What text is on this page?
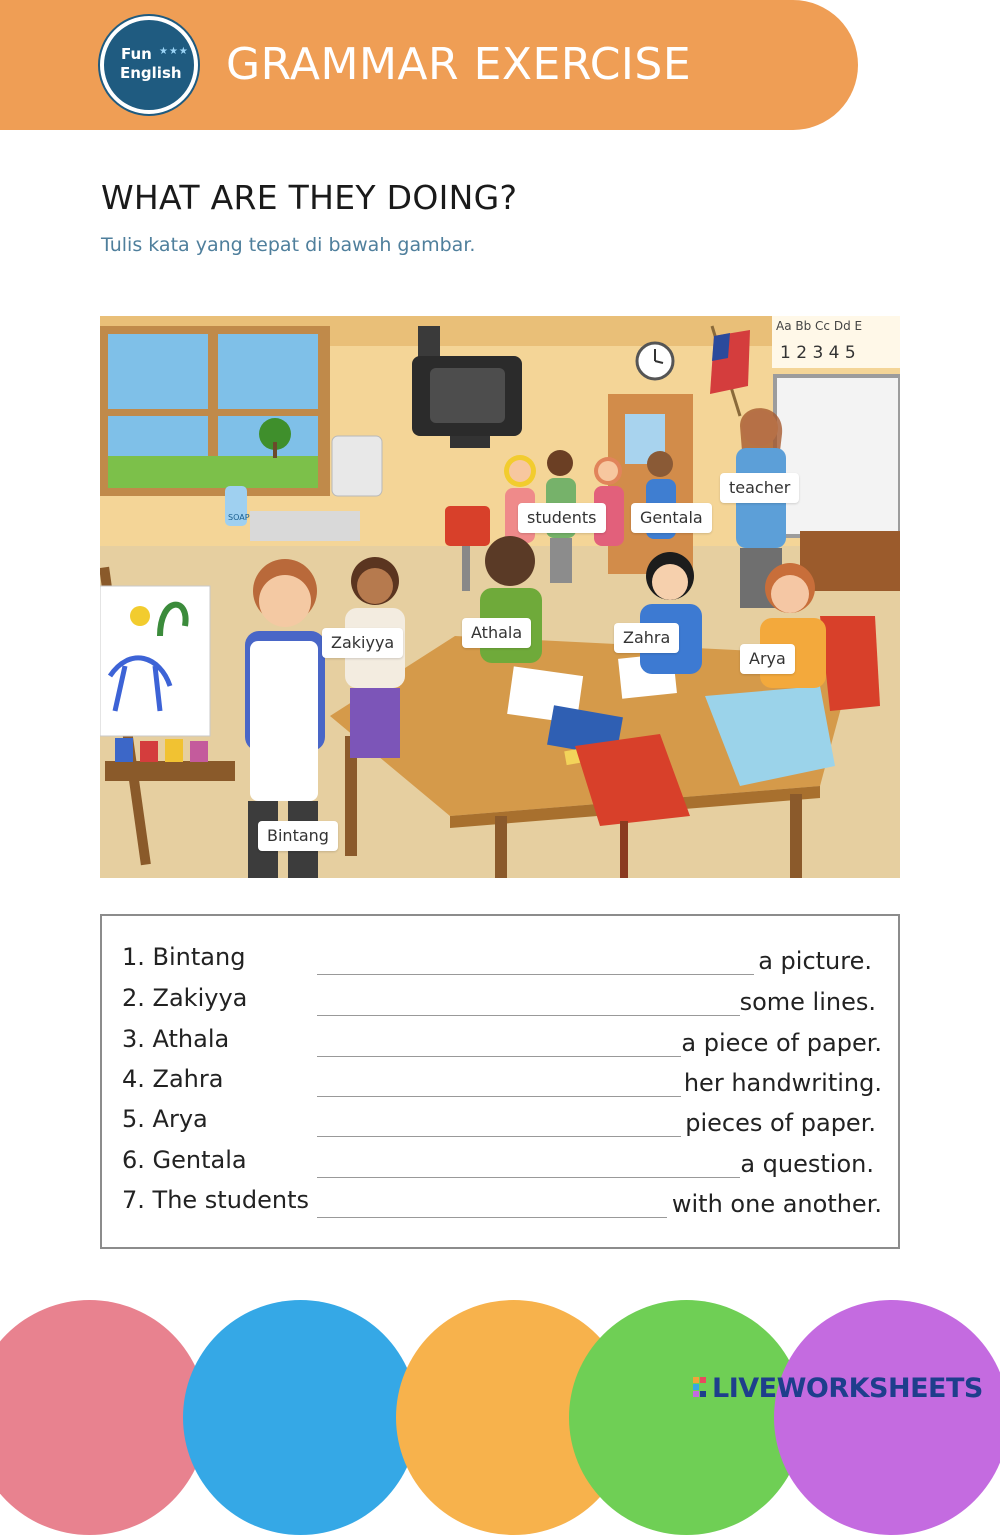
Fun ★★★
English GRAMMAR EXERCISE
WHAT ARE THEY DOING?
Tulis kata yang tepat di bawah gambar.
SOAP
Aa Bb Cc Dd E
1 2 3 4 5
teacher
students	Gentala
Zakiyya
Athala	Zahra
Arya
Bintang
1. Bintang	a picture.
2. Zakiyya	some lines.
3. Athala	a piece of paper.
4. Zahra	her handwriting.
5. Arya	pieces of paper.
6. Gentala	a question.
7. The students	with one another.
LIVEWORKSHEETS
